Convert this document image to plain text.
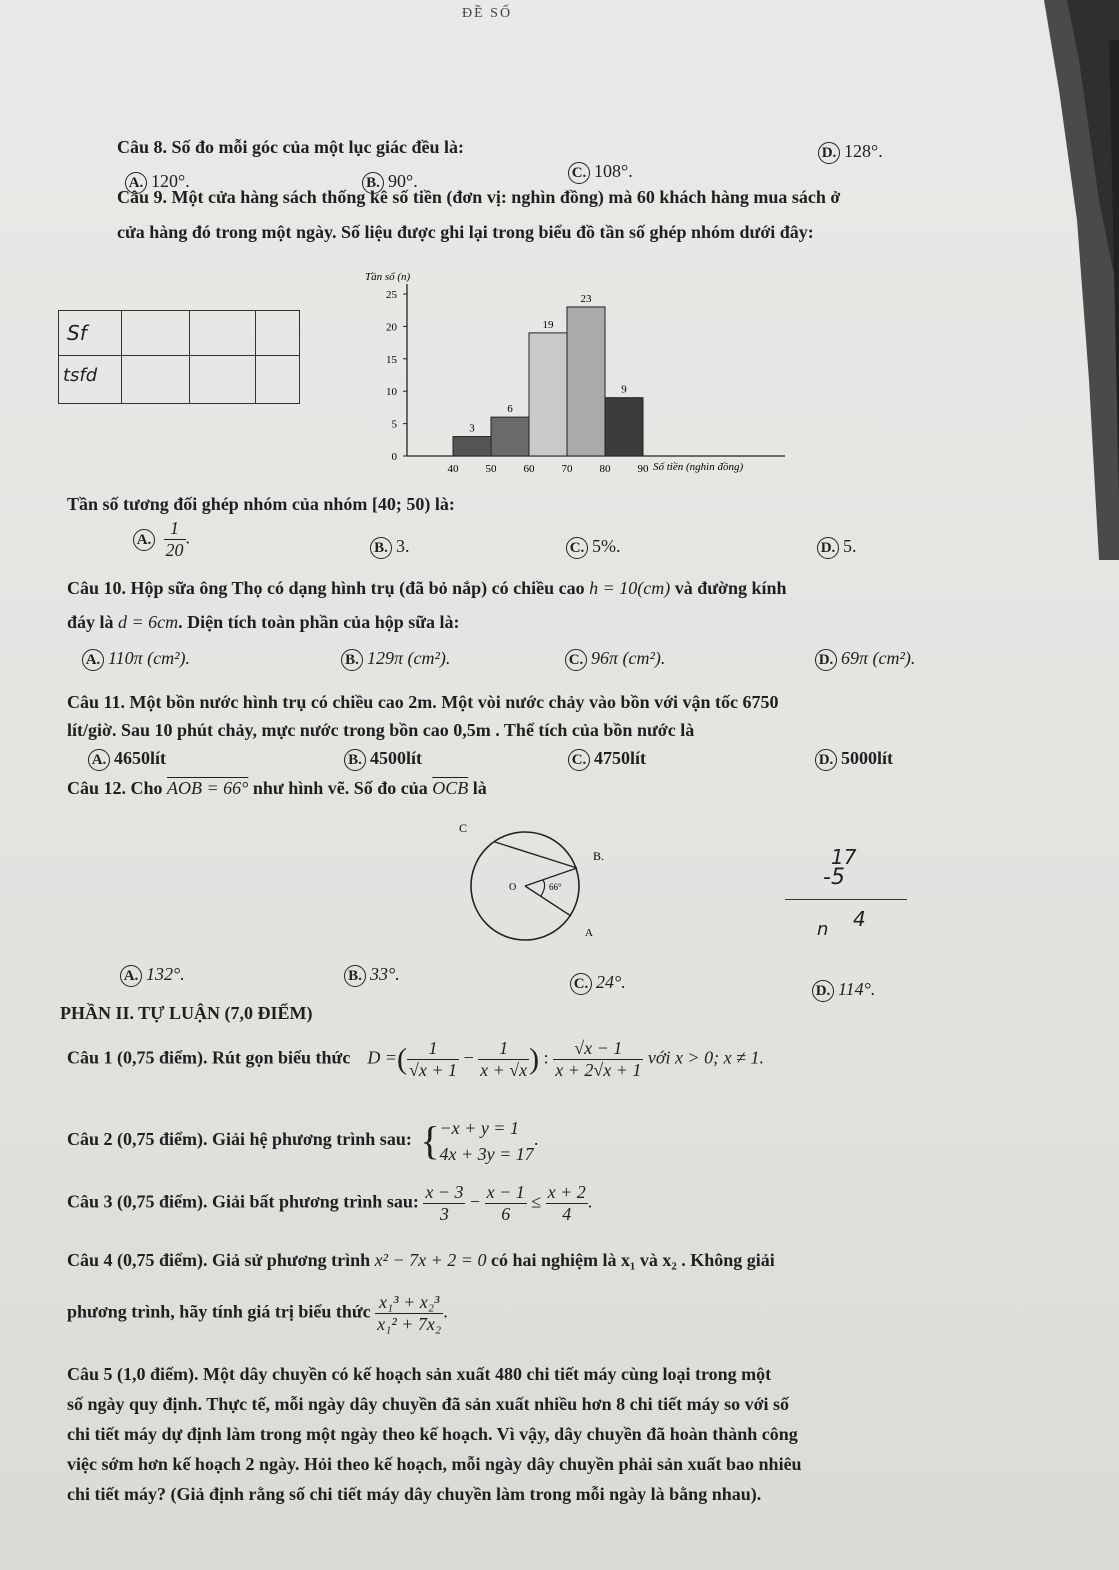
ĐỀ SỐ
Câu 8. Số đo mỗi góc của một lục giác đều là:
A. 120°.	B. 90°.	C. 108°.
D. 128°.
Câu 9. Một cửa hàng sách thống kê số tiền (đơn vị: nghìn đồng) mà 60 khách hàng mua sách ở
cửa hàng đó trong một ngày. Số liệu được ghi lại trong biểu đồ tần số ghép nhóm dưới đây:
Sf
tsfd
Tần số (n)
Số tiền (nghìn đồng)
3
6
19
23
9
0
5
10
15
20
25
40 50 60 70 80 90
Tần số tương đối ghép nhóm của nhóm [40; 50) là:
A. $\frac{1}{20}$ .
B. 3.	C. 5%.	D. 5.
Câu 10. Hộp sữa ông Thọ có dạng hình trụ (đã bỏ nắp) có chiều cao h = 10(cm) và đường kính
đáy là d = 6cm. Diện tích toàn phần của hộp sữa là:
A. 110π (cm²).	B. 129π (cm²).	C. 96π (cm²).	D. 69π (cm²).
Câu 11. Một bồn nước hình trụ có chiều cao 2m. Một vòi nước chảy vào bồn với vận tốc 6750
lít/giờ. Sau 10 phút chảy, mực nước trong bồn cao 0,5m . Thể tích của bồn nước là
A. 4650lít	B. 4500lít	C. 4750lít	D. 5000lít
Câu 12. Cho AOB = 66° như hình vẽ. Số đo của $\overline{OCB}$ là
C
B.
O
A
66°
17
-5
n 4
A. 132°.	B. 33°.	C. 24°.	D. 114°.
PHẦN II. TỰ LUẬN (7,0 ĐIỂM)
Câu 1 (0,75 điểm). Rút gọn biểu thức D =( $\frac{1}{√x + 1} - \frac{1}{x + √x}$ ) : $\frac{√x - 1}{x + 2√x + 1}$ với x > 0; x ≠ 1.
Câu 2 (0,75 điểm). Giải hệ phương trình sau: { −x + y = 1
4x + 3y = 17
.
Câu 3 (0,75 điểm). Giải bất phương trình sau: $\frac{x - 3}{3} - \frac{x - 1}{6} \le \frac{x + 2}{4}$ .
Câu 4 (0,75 điểm). Giả sử phương trình x² − 7x + 2 = 0 có hai nghiệm là x₁ và x₂ . Không giải
phương trình, hãy tính giá trị biểu thức $\frac{\text{x₁³ + x₂³}}{\text{x₁² + 7x₂}}$ .
Câu 5 (1,0 điểm). Một dây chuyền có kế hoạch sản xuất 480 chi tiết máy cùng loại trong một
số ngày quy định. Thực tế, mỗi ngày dây chuyền đã sản xuất nhiều hơn 8 chi tiết máy so với số
chi tiết máy dự định làm trong một ngày theo kế hoạch. Vì vậy, dây chuyền đã hoàn thành công
việc sớm hơn kế hoạch 2 ngày. Hỏi theo kế hoạch, mỗi ngày dây chuyền phải sản xuất bao nhiêu
chi tiết máy? (Giả định rằng số chi tiết máy dây chuyền làm trong mỗi ngày là bằng nhau).
